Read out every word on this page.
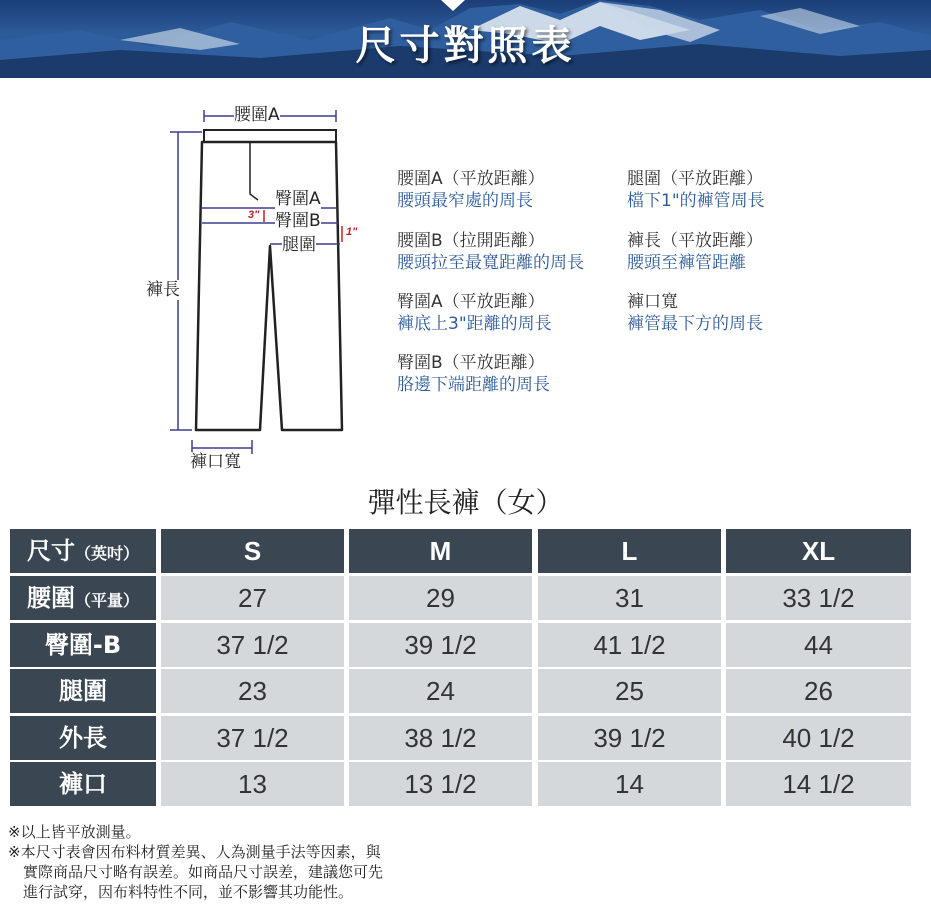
尺寸對照表
腰圍A
臀圍A
臀圍B
腿圍
褲長
褲口寬
3"
1"
腰圍A（平放距離）
腰頭最窄處的周長
腰圍B（拉開距離）
腰頭拉至最寬距離的周長
臀圍A（平放距離）
褲底上3"距離的周長
臀圍B（平放距離）
胳邊下端距離的周長
腿圍（平放距離）
檔下1"的褲管周長
褲長（平放距離）
腰頭至褲管距離
褲口寬
褲管最下方的周長
彈性長褲（女）
尺寸（英吋）	S	M	L	XL
腰圍（平量）	27	29	31	33 1/2
臀圍-B	37 1/2	39 1/2	41 1/2	44
腿圍	23	24	25	26
外長	37 1/2	38 1/2	39 1/2	40 1/2
褲口	13	13 1/2	14	14 1/2
※以上皆平放測量。
※本尺寸表會因布料材質差異、人為測量手法等因素，與
　實際商品尺寸略有誤差。如商品尺寸誤差，建議您可先
　進行試穿，因布料特性不同，並不影響其功能性。
